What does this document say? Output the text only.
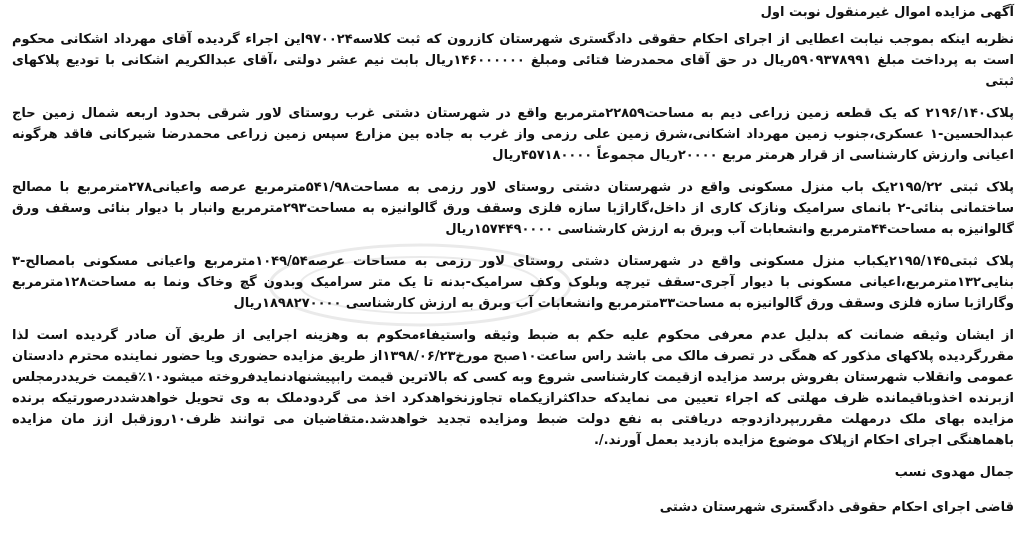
آگهی مزایده اموال غیرمنقول نوبت اول

نظربه اینکه بموجب نیابت اعطایی از اجرای احکام حقوقی دادگستری شهرستان کازرون که ثبت کلاسه۹۷۰۰۲۴این اجراء گردیده آقای مهرداد اشکانی محکوم است به پرداخت مبلغ ۵۹۰۹۳۷۸۹۹۱ریال در حق آقای محمدرضا فتائی ومبلغ ۱۴۶۰۰۰۰۰۰ریال بابت نیم عشر دولتی ،آقای عبدالکریم اشکانی با تودیع پلاکهای ثبتی

پلاک۲۱۹۶/۱۴۰ که یک قطعه زمین زراعی دیم به مساحت۲۲۸۵۹مترمربع واقع در شهرستان دشتی غرب روستای لاور شرقی بحدود اربعه شمال زمین حاج عبدالحسین-۱ عسکری،جنوب زمین مهرداد اشکانی،شرق زمین علی رزمی واز غرب به جاده بین مزارع سپس زمین زراعی محمدرضا شیرکانی فاقد هرگونه اعیانی وارزش کارشناسی از قرار هرمتر مربع ۲۰۰۰۰ریال مجموعاً ۴۵۷۱۸۰۰۰۰ریال

پلاک ثبتی ۲۱۹۵/۲۲یک باب منزل مسکونی واقع در شهرستان دشتی روستای لاور رزمی به مساحت۵۴۱/۹۸مترمربع عرصه واعیانی۲۷۸مترمربع با مصالح ساختمانی بنائی-۲ بانمای سرامیک ونازک کاری از داخل،گاراژبا سازه فلزی وسقف ورق گالوانیزه به مساحت۲۹۳مترمربع وانبار با دیوار بنائی وسقف ورق گالوانیزه به مساحت۴۴مترمربع وانشعابات آب وبرق به ارزش کارشناسی ۱۵۷۴۴۹۰۰۰۰ریال

پلاک ثبتی۲۱۹۵/۱۴۵یکباب منزل مسکونی واقع در شهرستان دشتی روستای لاور رزمی به مساحات عرصه۱۰۴۹/۵۴مترمربع واعیانی مسکونی بامصالح-۳ بنایی۱۳۲مترمربع،اعیانی مسکونی با دیوار آجری-سقف تیرچه وبلوک وکف سرامیک-بدنه تا یک متر سرامیک وبدون گچ وخاک ونما به مساحت۱۲۸مترمربع وگاراژبا سازه فلزی وسقف ورق گالوانیزه به مساحت۳۳مترمربع وانشعابات آب وبرق به ارزش کارشناسی ۱۸۹۸۲۷۰۰۰۰ریال

از ایشان وثیقه ضمانت که بدلیل عدم معرفی محکوم علیه حکم به ضبط وثیقه واستیفاءمحکوم به وهزینه اجرایی از طریق آن صادر گردیده است لذا مقررگردیده پلاکهای مذکور که همگی در تصرف مالک می باشد راس ساعت۱۰صبح مورخ۱۳۹۸/۰۶/۲۳از طریق مزایده حضوری ویا حضور نماینده محترم دادستان عمومی وانقلاب شهرستان بفروش برسد مزایده ازقیمت کارشناسی شروع وبه کسی که بالاترین قیمت رابپیشنهادنمایدفروخته میشود۱۰٪قیمت خریددرمجلس ازبرنده اخذوباقیمانده ظرف مهلتی که اجراء تعیین می نمایدکه حداکثرازیکماه تجاوزنخواهدکرد اخذ می گردودملک به وی تحویل خواهدشددرصورتیکه برنده مزایده بهای ملک درمهلت مقرربپردازدوجه دریافتی به نفع دولت ضبط ومزایده تجدید خواهدشد.متقاضیان می توانند ظرف۱۰روزقبل ازز مان مزایده باهماهنگی اجرای احکام ازپلاک موضوع مزایده بازدید بعمل آورند./.

جمال مهدوی نسب

قاضی اجرای احکام حقوقی دادگستری شهرستان دشتی
